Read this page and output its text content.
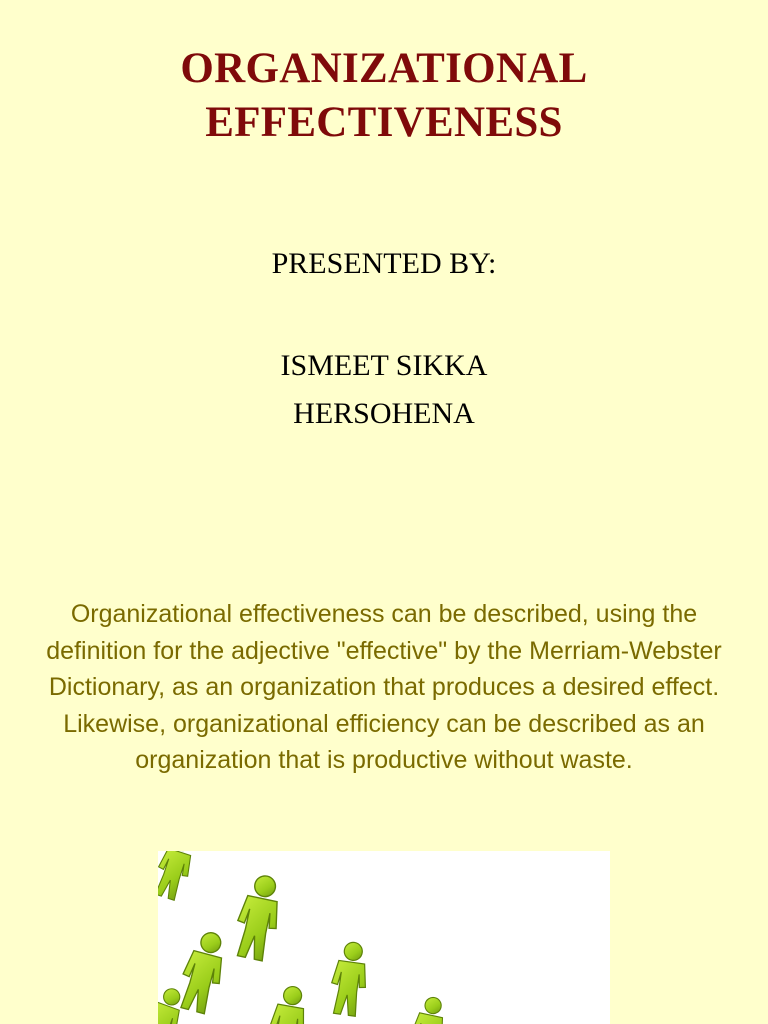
ORGANIZATIONAL
EFFECTIVENESS
PRESENTED BY:
ISMEET SIKKA
HERSOHENA
Organizational effectiveness can be described, using the definition for the adjective "effective" by the Merriam-Webster Dictionary, as an organization that produces a desired effect. Likewise, organizational efficiency can be described as an organization that is productive without waste.
